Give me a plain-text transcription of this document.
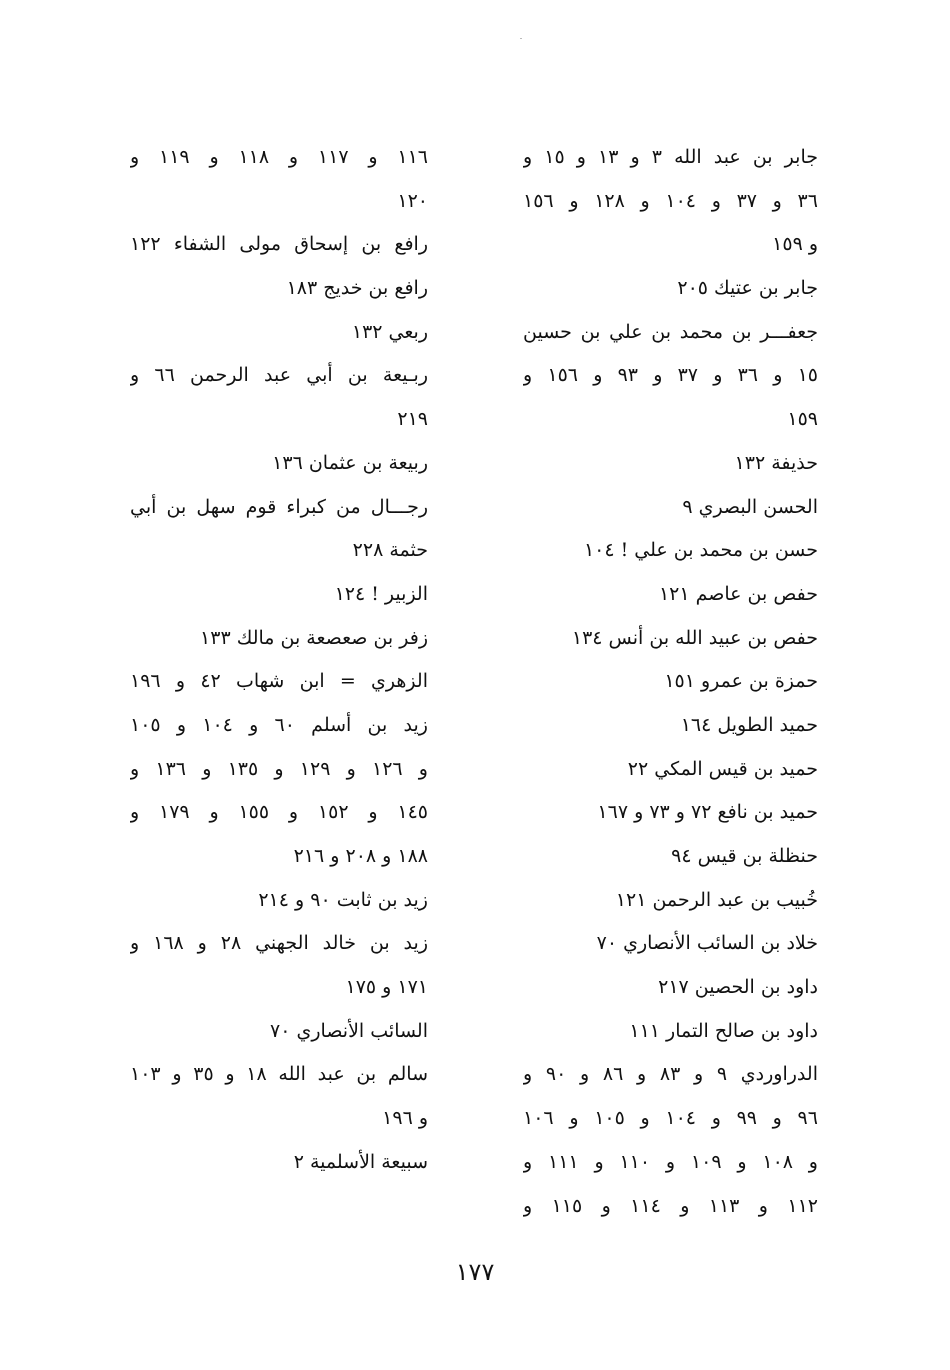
جابر بن عبد الله ٣ و ١٣ و ١٥ و
٣٦ و ٣٧ و ١٠٤ و ١٢٨ و ١٥٦
و ١٥٩
جابر بن عتيك ٢٠٥
جعفـــر بن محمد بن علي بن حسين
١٥ و ٣٦ و ٣٧ و ٩٣ و ١٥٦ و
١٥٩
حذيفة ١٣٢
الحسن البصري ٩
حسن بن محمد بن علي ! ١٠٤
حفص بن عاصم ١٢١
حفص بن عبيد الله بن أنس ١٣٤
حمزة بن عمرو ١٥١
حميد الطويل ١٦٤
حميد بن قيس المكي ٢٢
حميد بن نافع ٧٢ و ٧٣ و ١٦٧
حنظلة بن قيس ٩٤
خُبيب بن عبد الرحمن ١٢١
خلاد بن السائب الأنصاري ٧٠
داود بن الحصين ٢١٧
داود بن صالح التمار ١١١
الدراوردي ٩ و ٨٣ و ٨٦ و ٩٠ و
٩٦ و ٩٩ و ١٠٤ و ١٠٥ و ١٠٦
و ١٠٨ و ١٠٩ و ١١٠ و ١١١ و
١١٢ و ١١٣ و ١١٤ و ١١٥ و
١١٦ و ١١٧ و ١١٨ و ١١٩ و
١٢٠
رافع بن إسحاق مولى الشفاء ١٢٢
رافع بن خديج ١٨٣
ربعي ١٣٢
ربـيعة بن أبي عبد الرحمن ٦٦ و
٢١٩
ربيعة بن عثمان ١٣٦
رجـــال من كبراء قوم سهل بن أبي
حثمة ٢٢٨
الزبير ! ١٢٤
زفر بن صعصعة بن مالك ١٣٣
الزهري = ابن شهاب ٤٢ و ١٩٦
زيد بن أسلم ٦٠ و ١٠٤ و ١٠٥
و ١٢٦ و ١٢٩ و ١٣٥ و ١٣٦ و
١٤٥ و ١٥٢ و ١٥٥ و ١٧٩ و
١٨٨ و ٢٠٨ و ٢١٦
زيد بن ثابت ٩٠ و ٢١٤
زيد بن خالد الجهني ٢٨ و ١٦٨ و
١٧١ و ١٧٥
السائب الأنصاري ٧٠
سالم بن عبد الله ١٨ و ٣٥ و ١٠٣
و ١٩٦
سبيعة الأسلمية ٢
١٧٧
